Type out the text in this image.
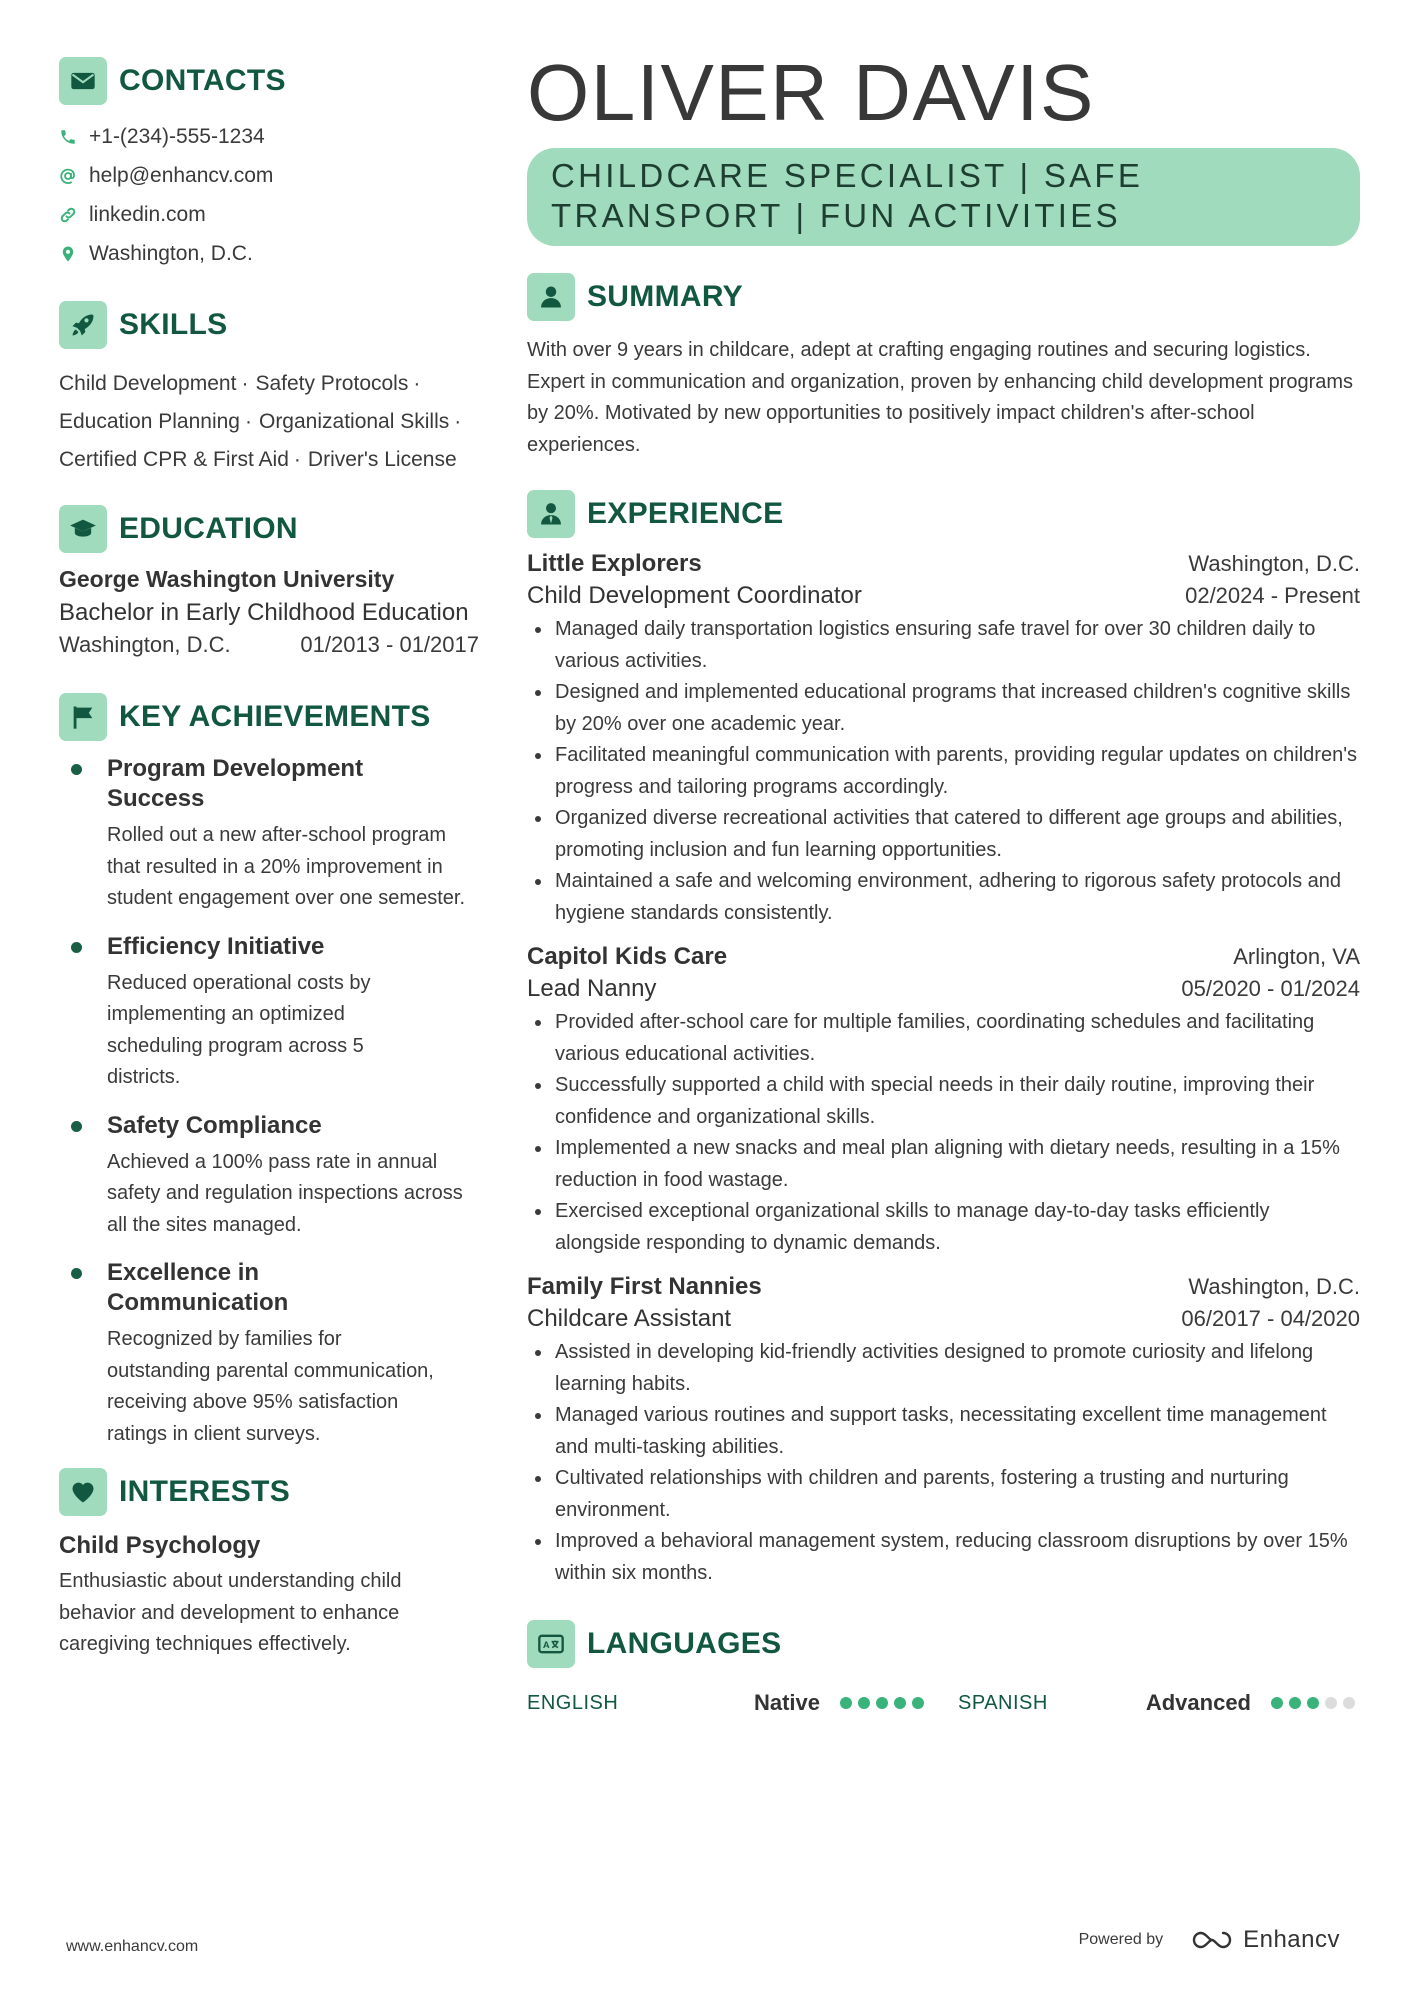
CONTACTS
+1-(234)-555-1234
help@enhancv.com
linkedin.com
Washington, D.C.
SKILLS
Child Development · Safety Protocols ·
Education Planning · Organizational Skills ·
Certified CPR & First Aid · Driver's License
EDUCATION
George Washington University
Bachelor in Early Childhood Education
Washington, D.C.	01/2013 - 01/2017
KEY ACHIEVEMENTS
Program Development Success
Rolled out a new after-school program that resulted in a 20% improvement in student engagement over one semester.
Efficiency Initiative
Reduced operational costs by implementing an optimized scheduling program across 5 districts.
Safety Compliance
Achieved a 100% pass rate in annual safety and regulation inspections across all the sites managed.
Excellence in Communication
Recognized by families for outstanding parental communication, receiving above 95% satisfaction ratings in client surveys.
INTERESTS
Child Psychology
Enthusiastic about understanding child behavior and development to enhance caregiving techniques effectively.
OLIVER DAVIS
CHILDCARE SPECIALIST | SAFE
TRANSPORT | FUN ACTIVITIES
SUMMARY
With over 9 years in childcare, adept at crafting engaging routines and securing logistics. Expert in communication and organization, proven by enhancing child development programs by 20%. Motivated by new opportunities to positively impact children's after-school experiences.
EXPERIENCE
Little Explorers	Washington, D.C.
Child Development Coordinator	02/2024 - Present
Managed daily transportation logistics ensuring safe travel for over 30 children daily to various activities.
Designed and implemented educational programs that increased children's cognitive skills by 20% over one academic year.
Facilitated meaningful communication with parents, providing regular updates on children's progress and tailoring programs accordingly.
Organized diverse recreational activities that catered to different age groups and abilities, promoting inclusion and fun learning opportunities.
Maintained a safe and welcoming environment, adhering to rigorous safety protocols and hygiene standards consistently.
Capitol Kids Care	Arlington, VA
Lead Nanny	05/2020 - 01/2024
Provided after-school care for multiple families, coordinating schedules and facilitating various educational activities.
Successfully supported a child with special needs in their daily routine, improving their confidence and organizational skills.
Implemented a new snacks and meal plan aligning with dietary needs, resulting in a 15% reduction in food wastage.
Exercised exceptional organizational skills to manage day-to-day tasks efficiently alongside responding to dynamic demands.
Family First Nannies	Washington, D.C.
Childcare Assistant	06/2017 - 04/2020
Assisted in developing kid-friendly activities designed to promote curiosity and lifelong learning habits.
Managed various routines and support tasks, necessitating excellent time management and multi-tasking abilities.
Cultivated relationships with children and parents, fostering a trusting and nurturing environment.
Improved a behavioral management system, reducing classroom disruptions by over 15% within six months.
A LANGUAGES
ENGLISH	Native	SPANISH	Advanced
www.enhancv.com	Powered by	Enhancv
